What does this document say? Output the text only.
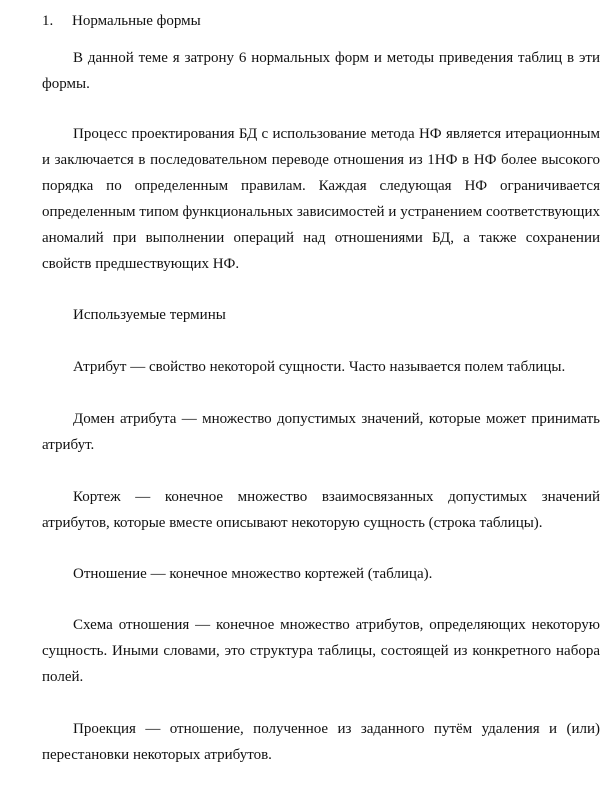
1. Нормальные формы

В данной теме я затрону 6 нормальных форм и методы приведения таблиц в эти формы.

Процесс проектирования БД с использование метода НФ является итерационным и заключается в последовательном переводе отношения из 1НФ в НФ более высокого порядка по определенным правилам. Каждая следующая НФ ограничивается определенным типом функциональных зависимостей и устранением соответствующих аномалий при выполнении операций над отношениями БД, а также сохранении свойств предшествующих НФ.

Используемые термины

Атрибут — свойство некоторой сущности. Часто называется полем таблицы.

Домен атрибута — множество допустимых значений, которые может принимать атрибут.

Кортеж — конечное множество взаимосвязанных допустимых значений атрибутов, которые вместе описывают некоторую сущность (строка таблицы).

Отношение — конечное множество кортежей (таблица).

Схема отношения — конечное множество атрибутов, определяющих некоторую сущность. Иными словами, это структура таблицы, состоящей из конкретного набора полей.

Проекция — отношение, полученное из заданного путём удаления и (или) перестановки некоторых атрибутов.
